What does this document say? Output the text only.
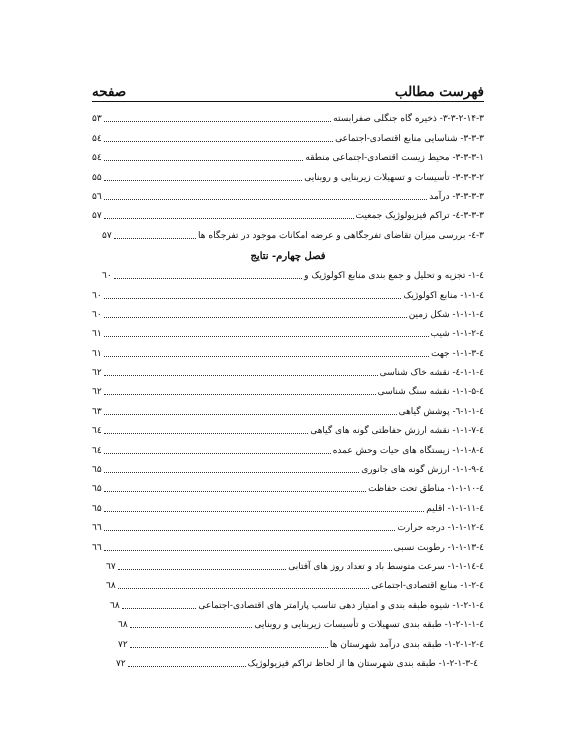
فهرست مطالب
صفحه
۳-۳-۲-۱۴-۳- ذخیره گاه جنگلی صفرابسته
۵۳
۳-۳-۳- شناسایی منابع اقتصادی-اجتماعی
۵٤
۳-۳-۳-۱- محیط زیست اقتصادی-اجتماعی منطقه
۵٤
۳-۳-۳-۲- تأسیسات و تسهیلات زیربنایی و روبنایی
۵۵
۳-۳-۳-۳- درآمد
۵٦
۳-۳-۳-٤- تراکم فیزیولوژیک جمعیت
۵۷
۳-٤- بررسی میزان تقاضای تفرجگاهی و عرضه امکانات موجود در تفرجگاه ها
۵۷
فصل چهارم- نتایج
٤-۱- تجزیه و تحلیل و جمع بندی منابع اکولوژیک و
٦۰
٤-۱-۱- منابع اکولوژیک
٦۰
٤-۱-۱-۱- شکل زمین
٦۰
٤-۱-۱-۲- شیب
٦۱
٤-۱-۱-۳- جهت
٦۱
٤-۱-۱-٤- نقشه خاک شناسی
٦۲
٤-۱-۱-۵- نقشه سنگ شناسی
٦۲
٤-۱-۱-٦- پوشش گیاهی
٦۳
٤-۱-۱-۷- نقشه ارزش حفاظتی گونه های گیاهی
٦٤
٤-۱-۱-۸- زیستگاه های حیات وحش عمده
٦٤
٤-۱-۱-۹- ارزش گونه های جانوری
٦۵
٤-۱-۱-۱۰- مناطق تحت حفاظت
٦۵
٤-۱-۱-۱۱- اقلیم
٦۵
٤-۱-۱-۱۲- درجه حرارت
٦٦
٤-۱-۱-۱۳- رطوبت نسبی
٦٦
٤-۱-۱-۱٤- سرعت متوسط باد و تعداد روز های آفتابی
٦۷
٤-۱-۲- منابع اقتصادی-اجتماعی
٦۸
٤-۱-۲-۱- شیوه طبقه بندی و امتیاز دهی تناسب پارامتر های اقتصادی-اجتماعی
٦۸
٤-۱-۲-۱-۱- طبقه بندی تسهیلات و تأسیسات زیربنایی و روبنایی
٦۸
٤-۱-۲-۱-۲- طبقه بندی درآمد شهرستان ها
۷۲
٤-۱-۲-۱-۳- طبقه بندی شهرستان ها از لحاظ تراکم فیزیولوژیک
۷۲
